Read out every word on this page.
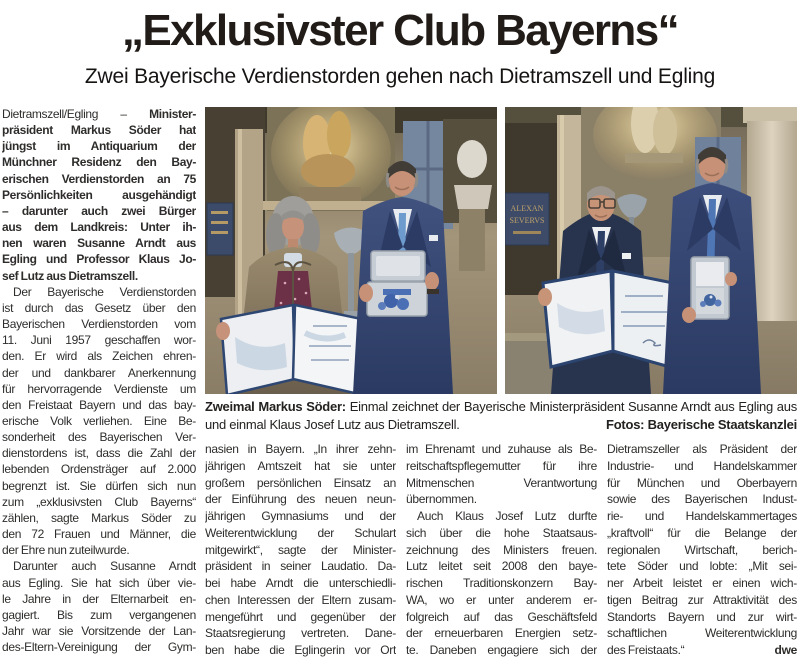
„Exklusivster Club Bayerns“
Zwei Bayerische Verdienstorden gehen nach Dietramszell und Egling
Dietramszell/Egling – Minister-
präsident Markus Söder hat
jüngst im Antiquarium der
Münchner Residenz den Bay-
erischen Verdienstorden an 75
Persönlichkeiten ausgehändigt
– darunter auch zwei Bürger
aus dem Landkreis: Unter ih-
nen waren Susanne Arndt aus
Egling und Professor Klaus Jo-
sef Lutz aus Dietramszell.
Der Bayerische Verdienstorden
ist durch das Gesetz über den
Bayerischen Verdienstorden vom
11. Juni 1957 geschaffen wor-
den. Er wird als Zeichen ehren-
der und dankbarer Anerkennung
für hervorragende Verdienste um
den Freistaat Bayern und das bay-
erische Volk verliehen. Eine Be-
sonderheit des Bayerischen Ver-
dienstordens ist, dass die Zahl der
lebenden Ordensträger auf 2.000
begrenzt ist. Sie dürfen sich nun
zum „exklusivsten Club Bayerns“
zählen, sagte Markus Söder zu
den 72 Frauen und Männer, die
der Ehre nun zuteilwurde.
Darunter auch Susanne Arndt
aus Egling. Sie hat sich über vie-
le Jahre in der Elternarbeit en-
gagiert. Bis zum vergangenen
Jahr war sie Vorsitzende der Lan-
des-Eltern-Vereinigung der Gym-
ALEXAN
SEVERVS
Zweimal Markus Söder: Einmal zeichnet der Bayerische Ministerpräsident Susanne Arndt aus Egling aus
und einmal Klaus Josef Lutz aus Dietramszell.	Fotos: Bayerische Staatskanzlei
nasien in Bayern. „In ihrer zehn-
jährigen Amtszeit hat sie unter
großem persönlichen Einsatz an
der Einführung des neuen neun-
jährigen Gymnasiums und der
Weiterentwicklung der Schulart
mitgewirkt“, sagte der Minister-
präsident in seiner Laudatio. Da-
bei habe Arndt die unterschiedli-
chen Interessen der Eltern zusam-
mengeführt und gegenüber der
Staatsregierung vertreten. Dane-
ben habe die Eglingerin vor Ort
im Ehrenamt und zuhause als Be-
reitschaftspflegemutter für ihre
Mitmenschen Verantwortung
übernommen.
Auch Klaus Josef Lutz durfte
sich über die hohe Staatsaus-
zeichnung des Ministers freuen.
Lutz leitet seit 2008 den baye-
rischen Traditionskonzern Bay-
WA, wo er unter anderem er-
folgreich auf das Geschäftsfeld
der erneuerbaren Energien setz-
te. Daneben engagiere sich der
Dietramszeller als Präsident der
Industrie- und Handelskammer
für München und Oberbayern
sowie des Bayerischen Indust-
rie- und Handelskammertages
„kraftvoll“ für die Belange der
regionalen Wirtschaft, berich-
tete Söder und lobte: „Mit sei-
ner Arbeit leistet er einen wich-
tigen Beitrag zur Attraktivität des
Standorts Bayern und zur wirt-
schaftlichen Weiterentwicklung
des Freistaats.“	dwe
